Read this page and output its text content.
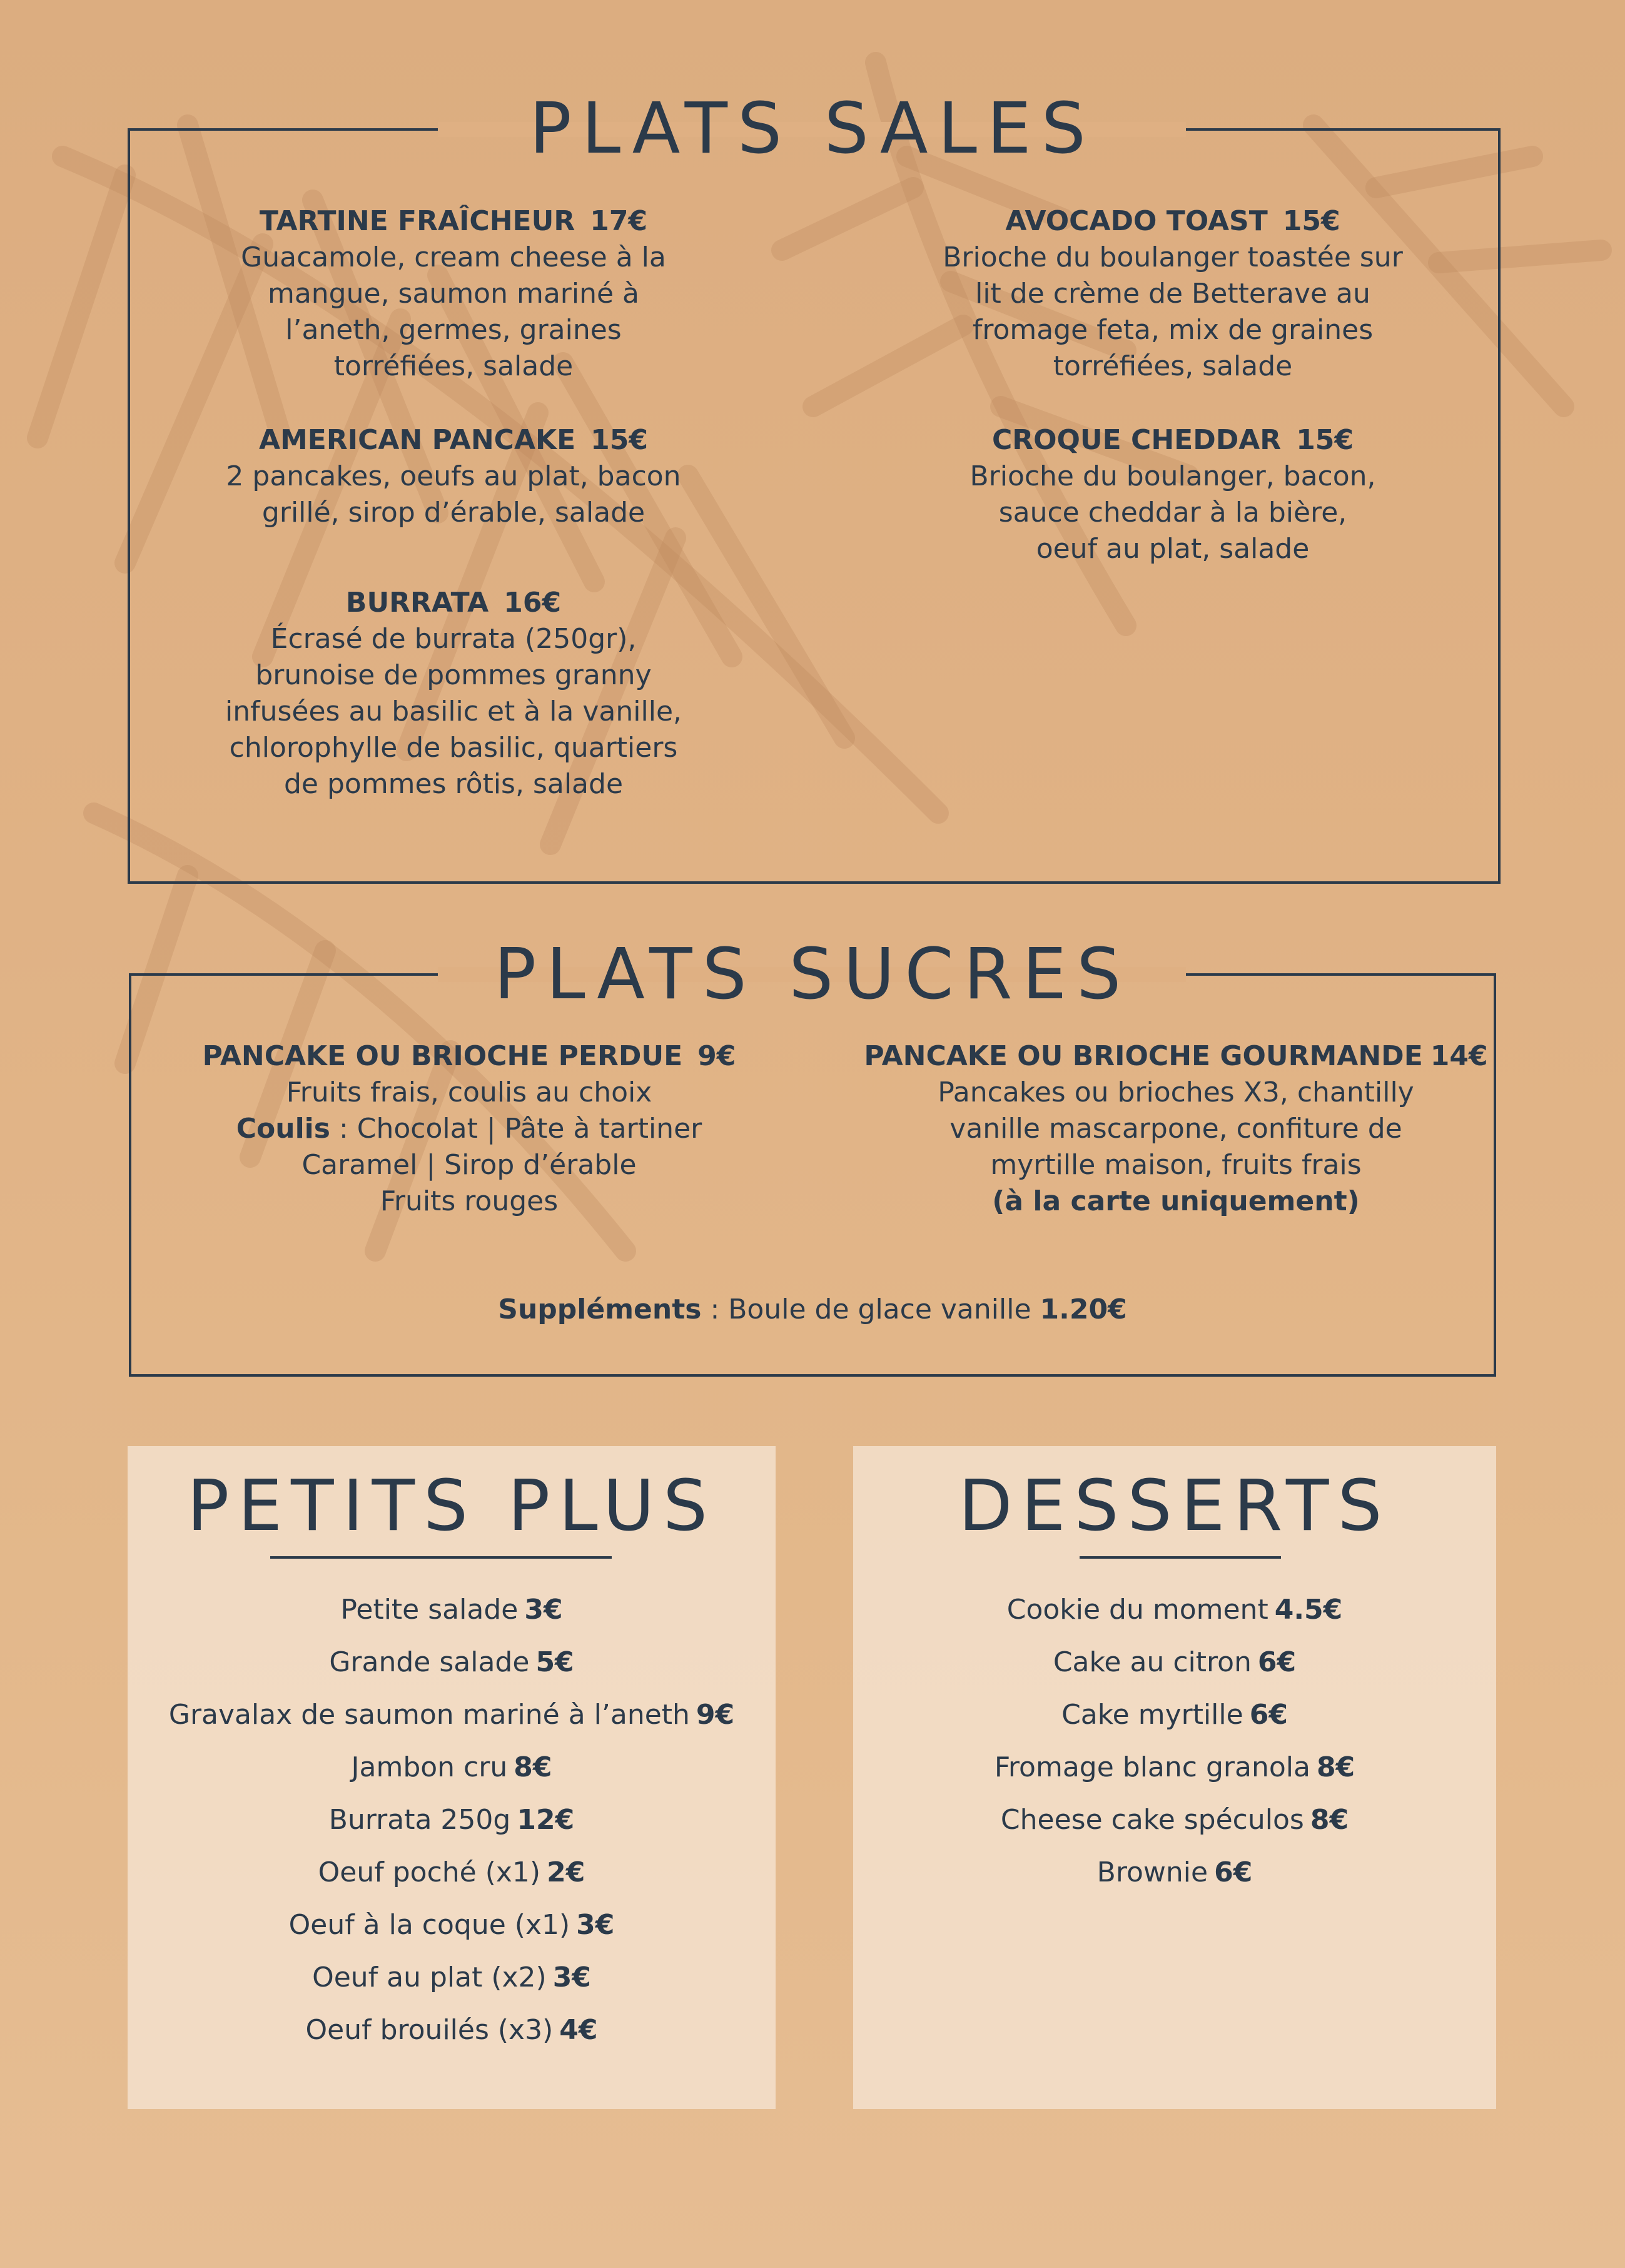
PLATS SALES
TARTINE FRAÎCHEUR 17€
Guacamole, cream cheese à la
mangue, saumon mariné à
l’aneth, germes, graines
torréfiées, salade
AVOCADO TOAST 15€
Brioche du boulanger toastée sur
lit de crème de Betterave au
fromage feta, mix de graines
torréfiées, salade
AMERICAN PANCAKE 15€
2 pancakes, oeufs au plat, bacon
grillé, sirop d’érable, salade
CROQUE CHEDDAR 15€
Brioche du boulanger, bacon,
sauce cheddar à la bière,
oeuf au plat, salade
BURRATA 16€
Écrasé de burrata (250gr),
brunoise de pommes granny
infusées au basilic et à la vanille,
chlorophylle de basilic, quartiers
de pommes rôtis, salade
PLATS SUCRES
PANCAKE OU BRIOCHE PERDUE 9€
Fruits frais, coulis au choix
Coulis : Chocolat | Pâte à tartiner
Caramel | Sirop d’érable
Fruits rouges
PANCAKE OU BRIOCHE GOURMANDE 14€
Pancakes ou brioches X3, chantilly
vanille mascarpone, confiture de
myrtille maison, fruits frais
(à la carte uniquement)
Suppléments : Boule de glace vanille 1.20€
PETITS PLUS
Petite salade 3€
Grande salade 5€
Gravalax de saumon mariné à l’aneth 9€
Jambon cru 8€
Burrata 250g 12€
Oeuf poché (x1) 2€
Oeuf à la coque (x1) 3€
Oeuf au plat (x2) 3€
Oeuf brouilés (x3) 4€
DESSERTS
Cookie du moment 4.5€
Cake au citron 6€
Cake myrtille 6€
Fromage blanc granola 8€
Cheese cake spéculos 8€
Brownie 6€
